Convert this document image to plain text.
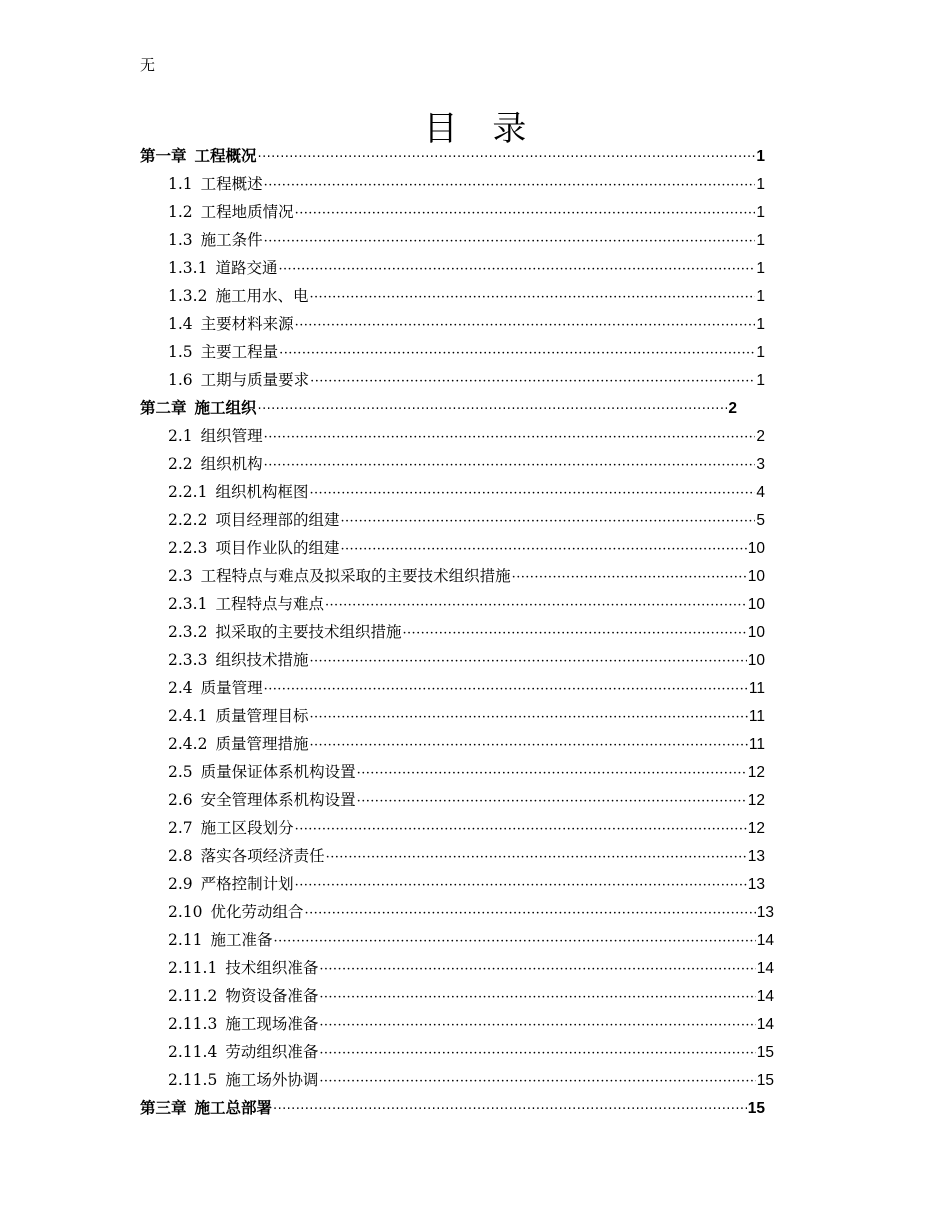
无
目 录
第一章 工程概况 ·····	1
1.1 工程概述 ·····	1
1.2 工程地质情况 ·····	1
1.3 施工条件 ·····	1
1.3.1 道路交通 ·····	1
1.3.2 施工用水、电 ·····	1
1.4 主要材料来源 ·····	1
1.5 主要工程量 ·····	1
1.6 工期与质量要求 ·····	1
第二章 施工组织 ·····	2
2.1 组织管理 ·····	2
2.2 组织机构 ·····	3
2.2.1 组织机构框图 ·····	4
2.2.2 项目经理部的组建 ·····	5
2.2.3 项目作业队的组建 ·····	10
2.3 工程特点与难点及拟采取的主要技术组织措施 ·····	10
2.3.1 工程特点与难点 ·····	10
2.3.2 拟采取的主要技术组织措施 ·····	10
2.3.3 组织技术措施 ·····	10
2.4 质量管理 ·····	11
2.4.1 质量管理目标 ·····	11
2.4.2 质量管理措施 ·····	11
2.5 质量保证体系机构设置 ·····	12
2.6 安全管理体系机构设置 ·····	12
2.7 施工区段划分 ·····	12
2.8 落实各项经济责任 ·····	13
2.9 严格控制计划 ·····	13
2.10 优化劳动组合 ·····	13
2.11 施工准备 ·····	14
2.11.1 技术组织准备 ·····	14
2.11.2 物资设备准备 ·····	14
2.11.3 施工现场准备 ·····	14
2.11.4 劳动组织准备 ·····	15
2.11.5 施工场外协调 ·····	15
第三章 施工总部署 ·····	15
